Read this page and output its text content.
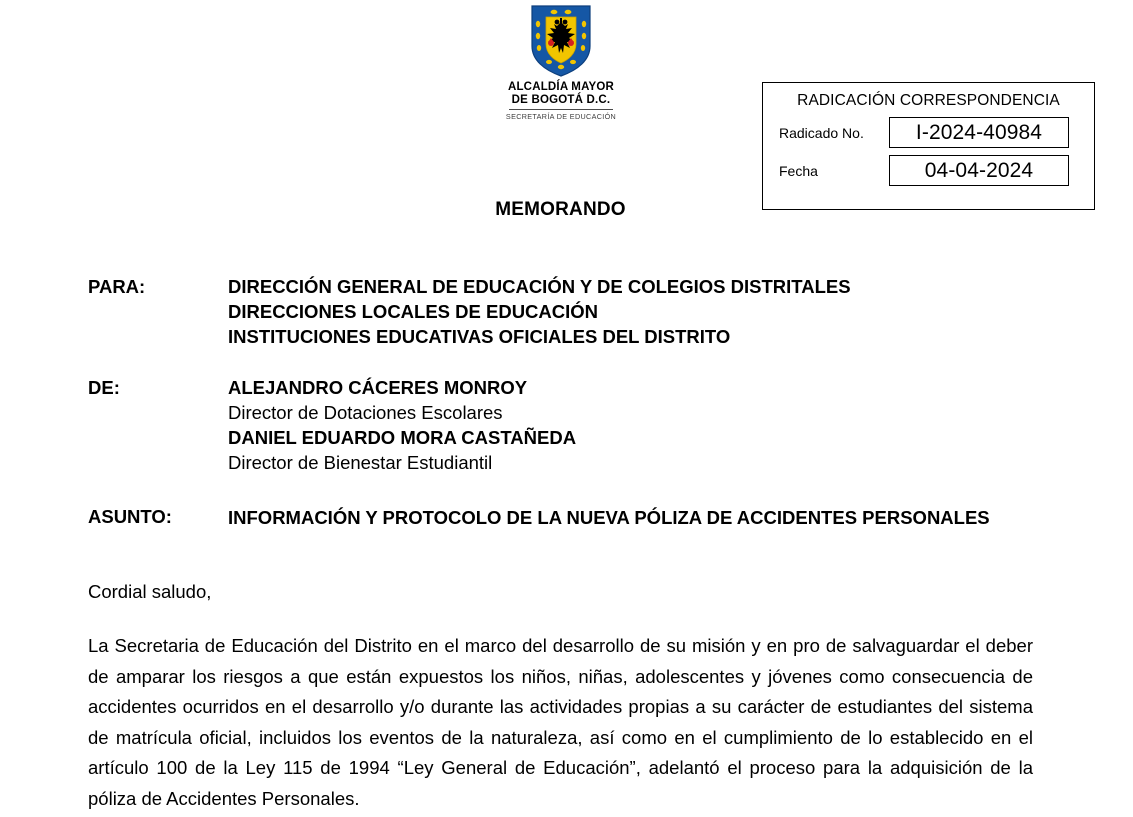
ALCALDÍA MAYOR
DE BOGOTÁ D.C.
SECRETARÍA DE EDUCACIÓN
RADICACIÓN CORRESPONDENCIA
Radicado No.	I-2024-40984
Fecha	04-04-2024
MEMORANDO
PARA:	DIRECCIÓN GENERAL DE EDUCACIÓN Y DE COLEGIOS DISTRITALES
DIRECCIONES LOCALES DE EDUCACIÓN
INSTITUCIONES EDUCATIVAS OFICIALES DEL DISTRITO
DE:	ALEJANDRO CÁCERES MONROY
Director de Dotaciones Escolares
DANIEL EDUARDO MORA CASTAÑEDA
Director de Bienestar Estudiantil
ASUNTO:	INFORMACIÓN Y PROTOCOLO DE LA NUEVA PÓLIZA DE ACCIDENTES PERSONALES
Cordial saludo,
La Secretaria de Educación del Distrito en el marco del desarrollo de su misión y en pro de salvaguardar el deber de amparar los riesgos a que están expuestos los niños, niñas, adolescentes y jóvenes como consecuencia de accidentes ocurridos en el desarrollo y/o durante las actividades propias a su carácter de estudiantes del sistema de matrícula oficial, incluidos los eventos de la naturaleza, así como en el cumplimiento de lo establecido en el artículo 100 de la Ley 115 de 1994 “Ley General de Educación”, adelantó el proceso para la adquisición de la póliza de Accidentes Personales.
